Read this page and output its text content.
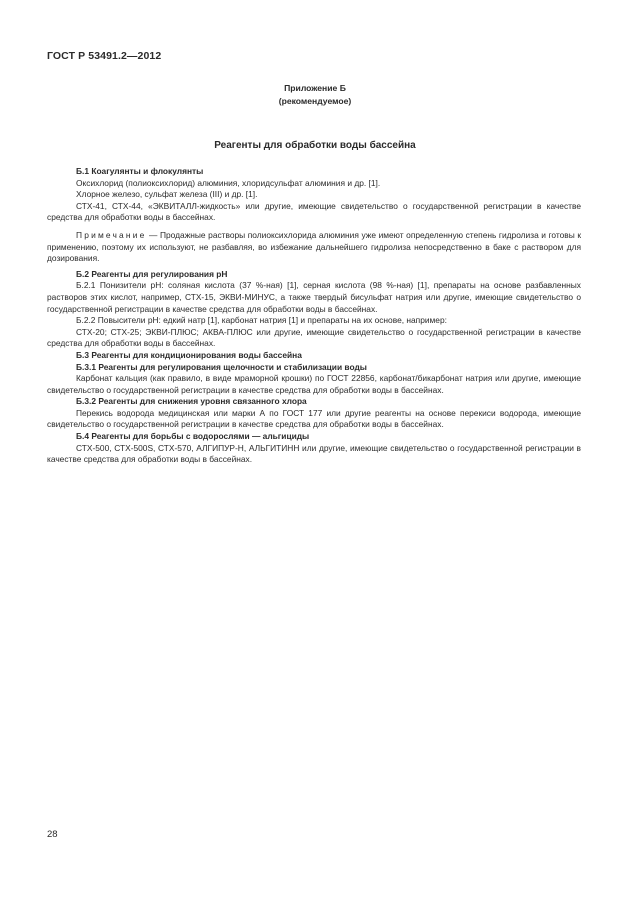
ГОСТ Р 53491.2—2012
Приложение Б
(рекомендуемое)
Реагенты для обработки воды бассейна

Б.1 Коагулянты и флокулянты

Оксихлорид (полиоксихлорид) алюминия, хлоридсульфат алюминия и др. [1].

Хлорное железо, сульфат железа (III) и др. [1].

СТХ-41, СТХ-44, «ЭКВИТАЛЛ-жидкость» или другие, имеющие свидетельство о государственной регистрации в качестве средства для обработки воды в бассейнах.

Примечание — Продажные растворы полиоксихлорида алюминия уже имеют определенную степень гидролиза и готовы к применению, поэтому их используют, не разбавляя, во избежание дальнейшего гидролиза непосредственно в баке с раствором для дозирования.

Б.2 Реагенты для регулирования рН

Б.2.1 Понизители рН: соляная кислота (37 %-ная) [1], серная кислота (98 %-ная) [1], препараты на основе разбавленных растворов этих кислот, например, СТХ-15, ЭКВИ-МИНУС, а также твердый бисульфат натрия или другие, имеющие свидетельство о государственной регистрации в качестве средства для обработки воды в бассейнах.

Б.2.2 Повысители рН: едкий натр [1], карбонат натрия [1] и препараты на их основе, например:

СТХ-20; СТХ-25; ЭКВИ-ПЛЮС; АКВА-ПЛЮС или другие, имеющие свидетельство о государственной регистрации в качестве средства для обработки воды в бассейнах.

Б.3 Реагенты для кондиционирования воды бассейна

Б.3.1 Реагенты для регулирования щелочности и стабилизации воды

Карбонат кальция (как правило, в виде мраморной крошки) по ГОСТ 22856, карбонат/бикарбонат натрия или другие, имеющие свидетельство о государственной регистрации в качестве средства для обработки воды в бассейнах.

Б.3.2 Реагенты для снижения уровня связанного хлора

Перекись водорода медицинская или марки А по ГОСТ 177 или другие реагенты на основе перекиси водорода, имеющие свидетельство о государственной регистрации в качестве средства для обработки воды в бассейнах.

Б.4 Реагенты для борьбы с водорослями — альгициды

СТХ-500, СТХ-500S, СТХ-570, АЛГИПУР-Н, АЛЬГИТИНН или другие, имеющие свидетельство о государственной регистрации в качестве средства для обработки воды в бассейнах.

28
